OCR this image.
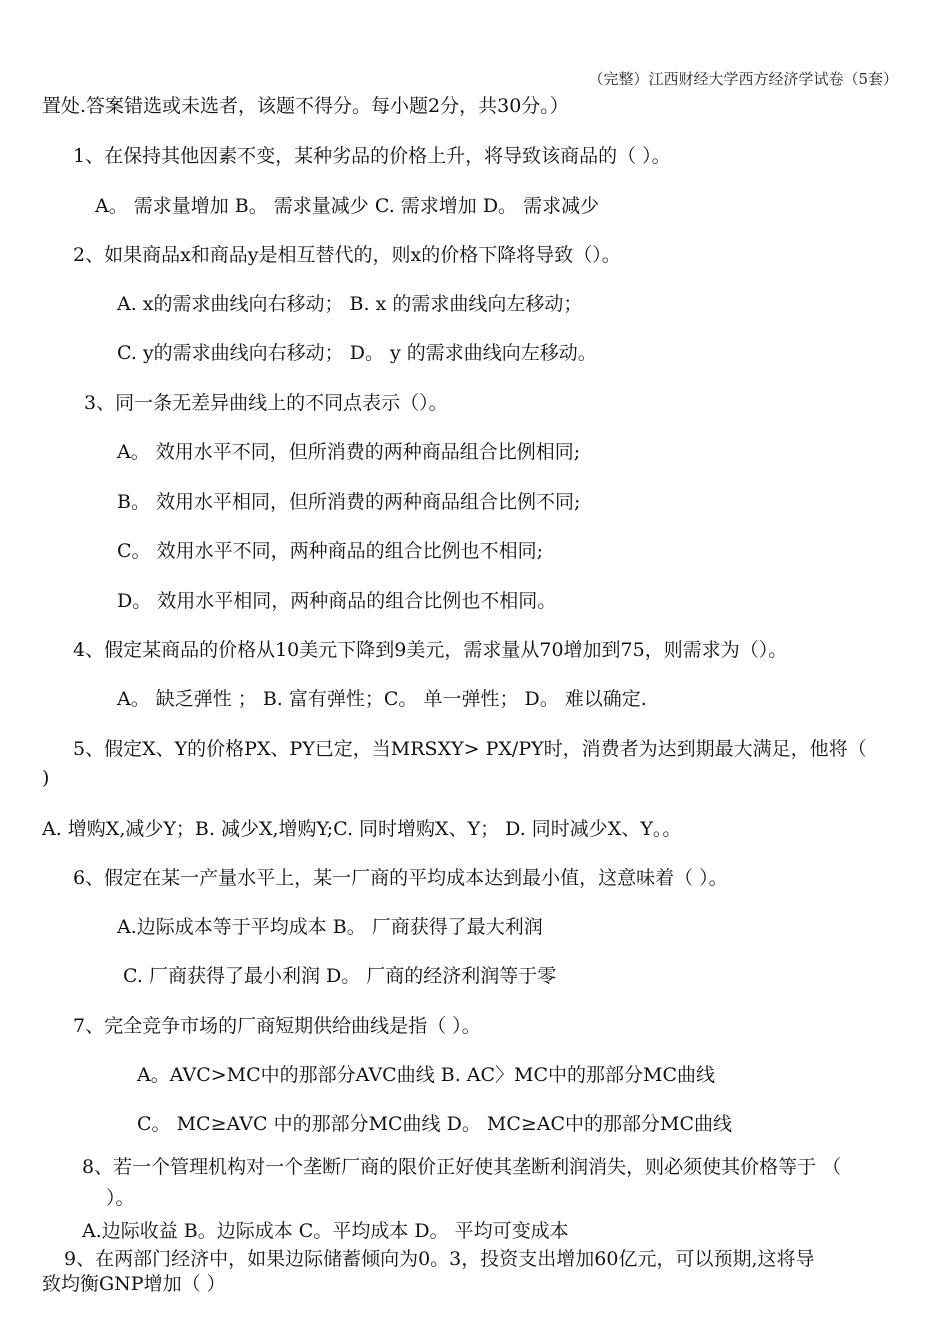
（完整）江西财经大学西方经济学试卷（5套）
置处.答案错选或未选者，该题不得分。每小题2分，共30分。）
1、在保持其他因素不变，某种劣品的价格上升，将导致该商品的（ ）。
A。 需求量增加 B。 需求量减少 C. 需求增加 D。 需求减少
2、如果商品x和商品y是相互替代的，则x的价格下降将导致（）。
A. x的需求曲线向右移动； B. x 的需求曲线向左移动；
C. y的需求曲线向右移动； D。 y 的需求曲线向左移动。
3、同一条无差异曲线上的不同点表示（）。
A。 效用水平不同，但所消费的两种商品组合比例相同;
B。 效用水平相同，但所消费的两种商品组合比例不同;
C。 效用水平不同，两种商品的组合比例也不相同;
D。 效用水平相同，两种商品的组合比例也不相同。
4、假定某商品的价格从10美元下降到9美元，需求量从70增加到75，则需求为（）。
A。 缺乏弹性 ； B. 富有弹性；C。 单一弹性； D。 难以确定.
5、假定X、Y的价格PX、PY已定，当MRSXY> PX/PY时，消费者为达到期最大满足，他将（
)
A. 增购X,减少Y；B. 减少X,增购Y;C. 同时增购X、Y； D. 同时减少X、Y。。
6、假定在某一产量水平上，某一厂商的平均成本达到最小值，这意味着（ ）。
A.边际成本等于平均成本 B。 厂商获得了最大利润
C. 厂商获得了最小利润 D。 厂商的经济利润等于零
7、完全竞争市场的厂商短期供给曲线是指（ ）。
A。AVC>MC中的那部分AVC曲线 B. AC〉MC中的那部分MC曲线
C。 MC≥AVC 中的那部分MC曲线 D。 MC≥AC中的那部分MC曲线
8、若一个管理机构对一个垄断厂商的限价正好使其垄断利润消失，则必须使其价格等于 （
）。
A.边际收益 B。边际成本 C。平均成本 D。 平均可变成本
9、在两部门经济中，如果边际储蓄倾向为0。3，投资支出增加60亿元，可以预期,这将导
致均衡GNP增加（ ）
